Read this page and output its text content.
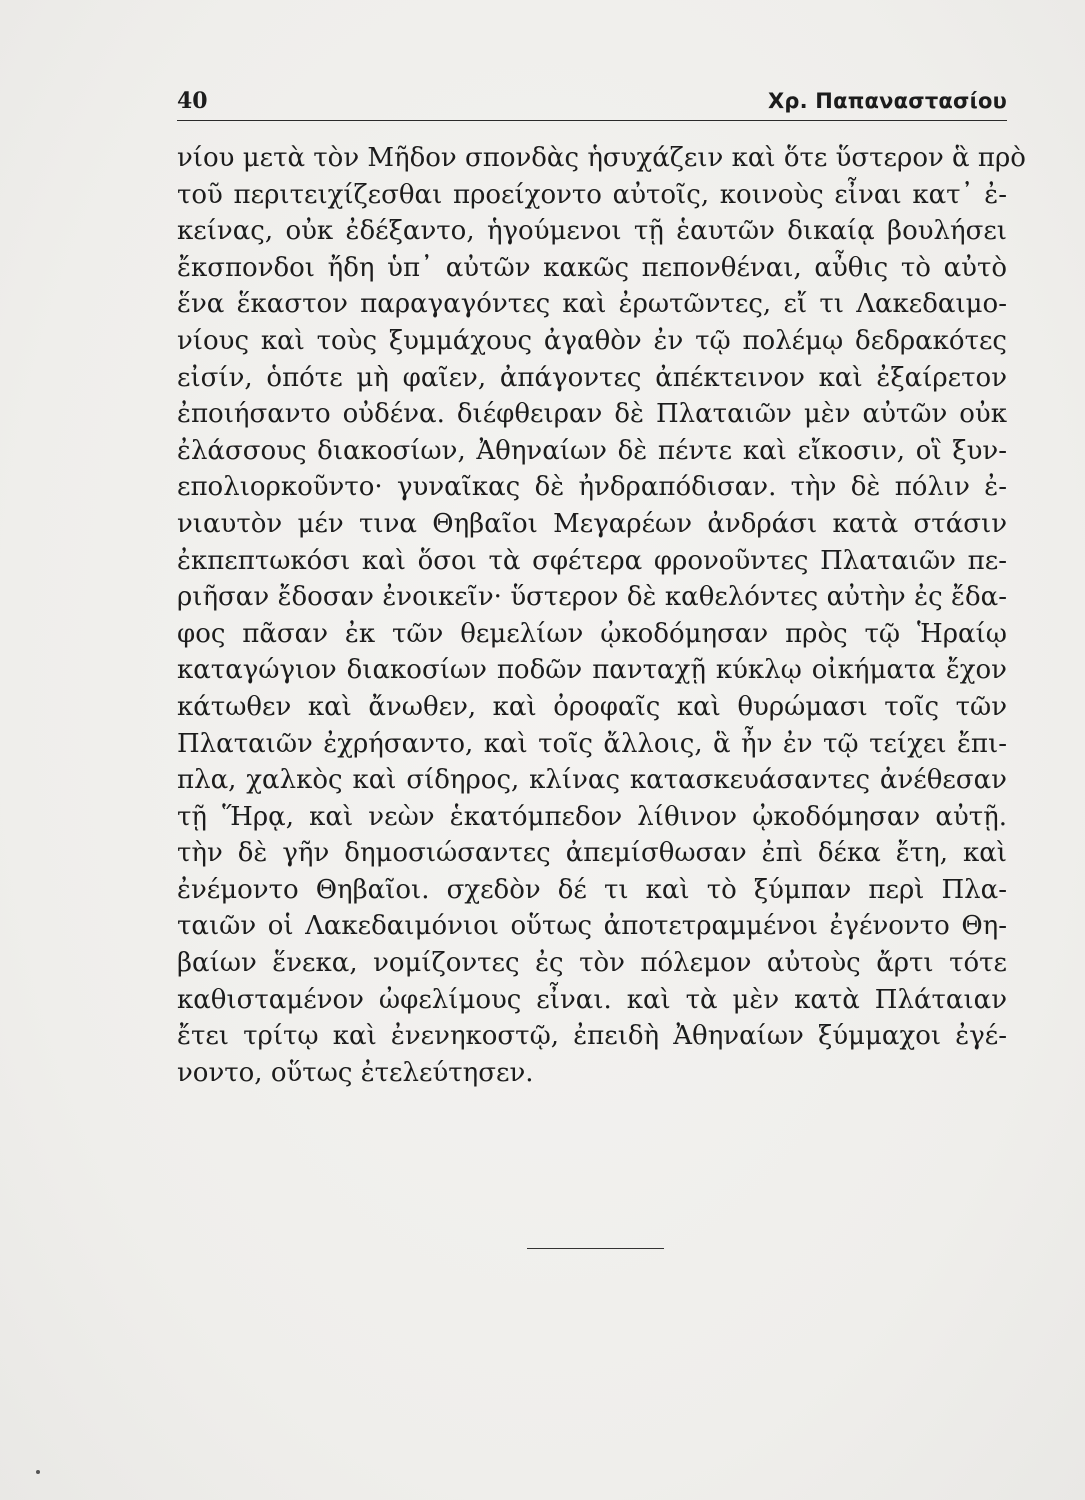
40	Χρ. Παπαναστασίου
νίου μετὰ τὸν Μῆδον σπονδὰς ἡσυχάζειν καὶ ὅτε ὕστερον ἃ πρὸ
τοῦ περιτειχίζεσθαι προείχοντο αὐτοῖς, κοινοὺς εἶναι κατ᾽ ἐ-
κείνας, οὐκ ἐδέξαντο, ἡγούμενοι τῇ ἑαυτῶν δικαίᾳ βουλήσει
ἔκσπονδοι ἤδη ὑπ᾽ αὐτῶν κακῶς πεπονθέναι, αὖθις τὸ αὐτὸ
ἕνα ἕκαστον παραγαγόντες καὶ ἐρωτῶντες, εἴ τι Λακεδαιμο-
νίους καὶ τοὺς ξυμμάχους ἀγαθὸν ἐν τῷ πολέμῳ δεδρακότες
εἰσίν, ὁπότε μὴ φαῖεν, ἀπάγοντες ἀπέκτεινον καὶ ἐξαίρετον
ἐποιήσαντο οὐδένα. διέφθειραν δὲ Πλαταιῶν μὲν αὐτῶν οὐκ
ἐλάσσους διακοσίων, Ἀθηναίων δὲ πέντε καὶ εἴκοσιν, οἳ ξυν-
επολιορκοῦντο· γυναῖκας δὲ ἠνδραπόδισαν. τὴν δὲ πόλιν ἐ-
νιαυτὸν μέν τινα Θηβαῖοι Μεγαρέων ἀνδράσι κατὰ στάσιν
ἐκπεπτωκόσι καὶ ὅσοι τὰ σφέτερα φρονοῦντες Πλαταιῶν πε-
ριῆσαν ἔδοσαν ἐνοικεῖν· ὕστερον δὲ καθελόντες αὐτὴν ἐς ἔδα-
φος πᾶσαν ἐκ τῶν θεμελίων ᾠκοδόμησαν πρὸς τῷ Ἡραίῳ
καταγώγιον διακοσίων ποδῶν πανταχῇ κύκλῳ οἰκήματα ἔχον
κάτωθεν καὶ ἄνωθεν, καὶ ὀροφαῖς καὶ θυρώμασι τοῖς τῶν
Πλαταιῶν ἐχρήσαντο, καὶ τοῖς ἄλλοις, ἃ ἦν ἐν τῷ τείχει ἔπι-
πλα, χαλκὸς καὶ σίδηρος, κλίνας κατασκευάσαντες ἀνέθεσαν
τῇ Ἥρᾳ, καὶ νεὼν ἑκατόμπεδον λίθινον ᾠκοδόμησαν αὐτῇ.
τὴν δὲ γῆν δημοσιώσαντες ἀπεμίσθωσαν ἐπὶ δέκα ἔτη, καὶ
ἐνέμοντο Θηβαῖοι. σχεδὸν δέ τι καὶ τὸ ξύμπαν περὶ Πλα-
ταιῶν οἱ Λακεδαιμόνιοι οὕτως ἀποτετραμμένοι ἐγένοντο Θη-
βαίων ἕνεκα, νομίζοντες ἐς τὸν πόλεμον αὐτοὺς ἄρτι τότε
καθισταμένον ὠφελίμους εἶναι. καὶ τὰ μὲν κατὰ Πλάταιαν
ἔτει τρίτῳ καὶ ἐνενηκοστῷ, ἐπειδὴ Ἀθηναίων ξύμμαχοι ἐγέ-
νοντο, οὕτως ἐτελεύτησεν.
